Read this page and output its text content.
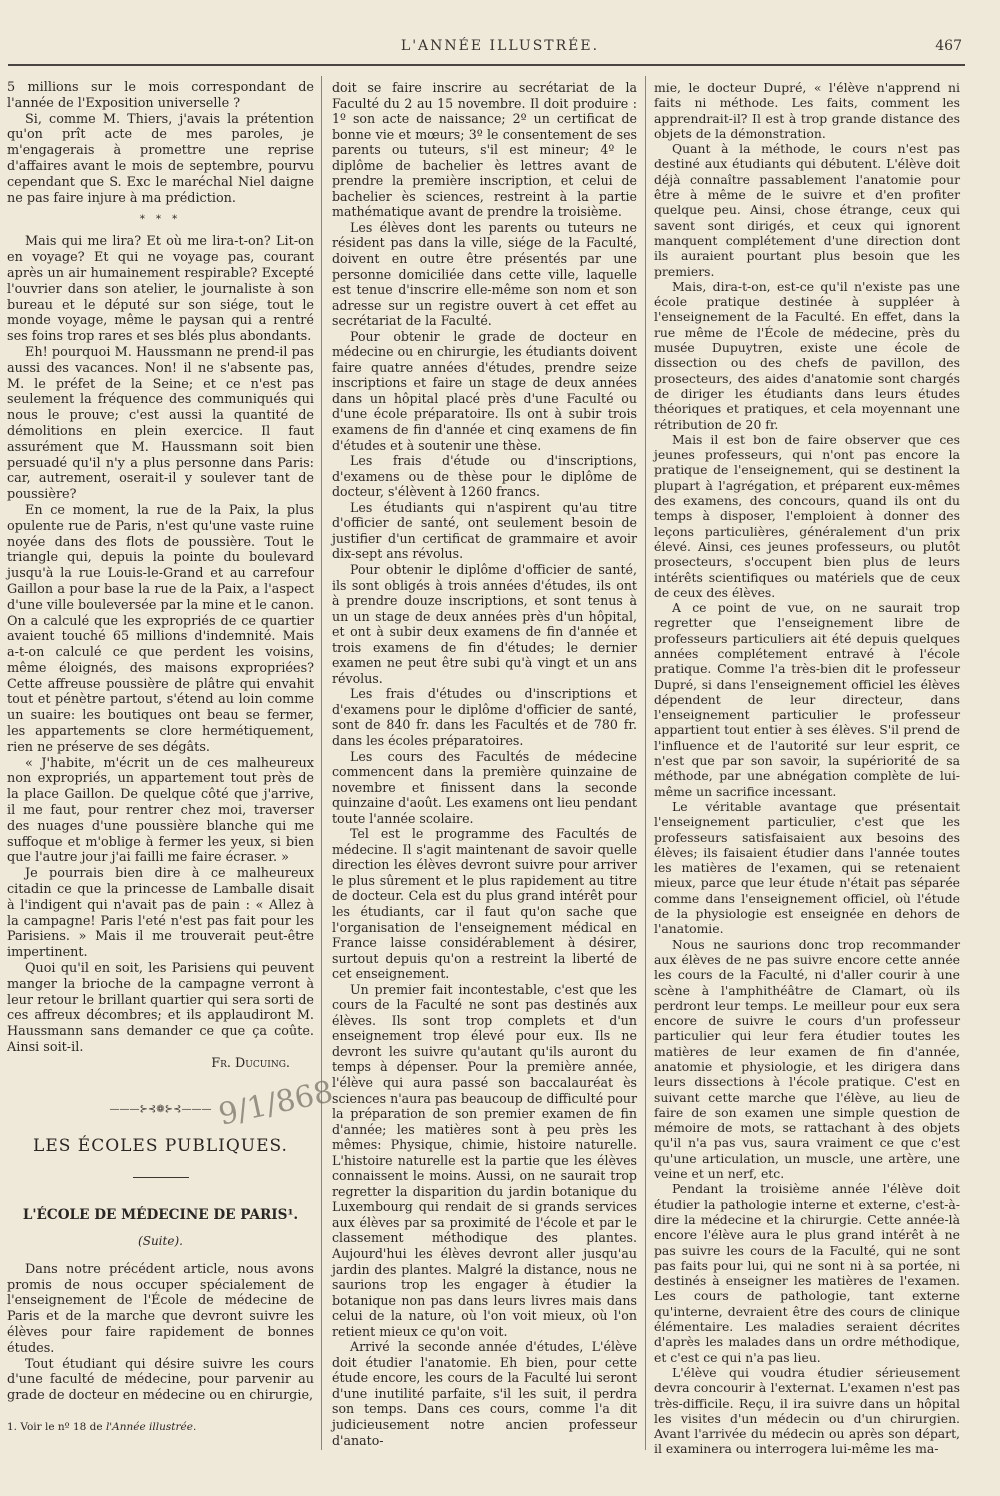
L'ANNÉE ILLUSTRÉE.	467

5 millions sur le mois correspondant de l'année de l'Exposition universelle ?

Si, comme M. Thiers, j'avais la prétention qu'on prît acte de mes paroles, je m'engagerais à promettre une reprise d'affaires avant le mois de septembre, pourvu cependant que S. Exc le maréchal Niel daigne ne pas faire injure à ma prédiction.

* * *

Mais qui me lira? Et où me lira-t-on? Lit-on en voyage? Et qui ne voyage pas, courant après un air humainement respirable? Excepté l'ouvrier dans son atelier, le journaliste à son bureau et le député sur son siége, tout le monde voyage, même le paysan qui a rentré ses foins trop rares et ses blés plus abondants.

Eh! pourquoi M. Haussmann ne prend-il pas aussi des vacances. Non! il ne s'absente pas, M. le préfet de la Seine; et ce n'est pas seulement la fréquence des communiqués qui nous le prouve; c'est aussi la quantité de démolitions en plein exercice. Il faut assurément que M. Haussmann soit bien persuadé qu'il n'y a plus personne dans Paris: car, autrement, oserait-il y soulever tant de poussière?

En ce moment, la rue de la Paix, la plus opulente rue de Paris, n'est qu'une vaste ruine noyée dans des flots de poussière. Tout le triangle qui, depuis la pointe du boulevard jusqu'à la rue Louis-le-Grand et au carrefour Gaillon a pour base la rue de la Paix, a l'aspect d'une ville bouleversée par la mine et le canon. On a calculé que les expropriés de ce quartier avaient touché 65 millions d'indemnité. Mais a-t-on calculé ce que perdent les voisins, même éloignés, des maisons expropriées? Cette affreuse poussière de plâtre qui envahit tout et pénètre partout, s'étend au loin comme un suaire: les boutiques ont beau se fermer, les appartements se clore hermétiquement, rien ne préserve de ses dégâts.

« J'habite, m'écrit un de ces malheureux non expropriés, un appartement tout près de la place Gaillon. De quelque côté que j'arrive, il me faut, pour rentrer chez moi, traverser des nuages d'une poussière blanche qui me suffoque et m'oblige à fermer les yeux, si bien que l'autre jour j'ai failli me faire écraser. »

Je pourrais bien dire à ce malheureux citadin ce que la princesse de Lamballe disait à l'indigent qui n'avait pas de pain : « Allez à la campagne! Paris l'eté n'est pas fait pour les Parisiens. » Mais il me trouverait peut-être impertinent.

Quoi qu'il en soit, les Parisiens qui peuvent manger la brioche de la campagne verront à leur retour le brillant quartier qui sera sorti de ces affreux décombres; et ils applaudiront M. Haussmann sans demander ce que ça coûte. Ainsi soit-il.

Fr. Ducuing.

———⊱⊰❁⊱⊰———
LES ÉCOLES PUBLIQUES.
L'ÉCOLE DE MÉDECINE DE PARIS¹.
(Suite).

Dans notre précédent article, nous avons promis de nous occuper spécialement de l'enseignement de l'École de médecine de Paris et de la marche que devront suivre les élèves pour faire rapidement de bonnes études.

Tout étudiant qui désire suivre les cours d'une faculté de médecine, pour parvenir au grade de docteur en médecine ou en chirurgie,

1. Voir le nº 18 de l'Année illustrée.

doit se faire inscrire au secrétariat de la Faculté du 2 au 15 novembre. Il doit produire : 1º son acte de naissance; 2º un certificat de bonne vie et mœurs; 3º le consentement de ses parents ou tuteurs, s'il est mineur; 4º le diplôme de bachelier ès lettres avant de prendre la première inscription, et celui de bachelier ès sciences, restreint à la partie mathématique avant de prendre la troisième.

Les élèves dont les parents ou tuteurs ne résident pas dans la ville, siége de la Faculté, doivent en outre être présentés par une personne domiciliée dans cette ville, laquelle est tenue d'inscrire elle-même son nom et son adresse sur un registre ouvert à cet effet au secrétariat de la Faculté.

Pour obtenir le grade de docteur en médecine ou en chirurgie, les étudiants doivent faire quatre années d'études, prendre seize inscriptions et faire un stage de deux années dans un hôpital placé près d'une Faculté ou d'une école préparatoire. Ils ont à subir trois examens de fin d'année et cinq examens de fin d'études et à soutenir une thèse.

Les frais d'étude ou d'inscriptions, d'examens ou de thèse pour le diplôme de docteur, s'élèvent à 1260 francs.

Les étudiants qui n'aspirent qu'au titre d'officier de santé, ont seulement besoin de justifier d'un certificat de grammaire et avoir dix-sept ans révolus.

Pour obtenir le diplôme d'officier de santé, ils sont obligés à trois années d'études, ils ont à prendre douze inscriptions, et sont tenus à un un stage de deux années près d'un hôpital, et ont à subir deux examens de fin d'année et trois examens de fin d'études; le dernier examen ne peut être subi qu'à vingt et un ans révolus.

Les frais d'études ou d'inscriptions et d'examens pour le diplôme d'officier de santé, sont de 840 fr. dans les Facultés et de 780 fr. dans les écoles préparatoires.

Les cours des Facultés de médecine commencent dans la première quinzaine de novembre et finissent dans la seconde quinzaine d'août. Les examens ont lieu pendant toute l'année scolaire.

Tel est le programme des Facultés de médecine. Il s'agit maintenant de savoir quelle direction les élèves devront suivre pour arriver le plus sûrement et le plus rapidement au titre de docteur. Cela est du plus grand intérêt pour les étudiants, car il faut qu'on sache que l'organisation de l'enseignement médical en France laisse considérablement à désirer, surtout depuis qu'on a restreint la liberté de cet enseignement.

Un premier fait incontestable, c'est que les cours de la Faculté ne sont pas destinés aux élèves. Ils sont trop complets et d'un enseignement trop élevé pour eux. Ils ne devront les suivre qu'autant qu'ils auront du temps à dépenser. Pour la première année, l'élève qui aura passé son baccalauréat ès sciences n'aura pas beaucoup de difficulté pour la préparation de son premier examen de fin d'année; les matières sont à peu près les mêmes: Physique, chimie, histoire naturelle. L'histoire naturelle est la partie que les élèves connaissent le moins. Aussi, on ne saurait trop regretter la disparition du jardin botanique du Luxembourg qui rendait de si grands services aux élèves par sa proximité de l'école et par le classement méthodique des plantes. Aujourd'hui les élèves devront aller jusqu'au jardin des plantes. Malgré la distance, nous ne saurions trop les engager à étudier la botanique non pas dans leurs livres mais dans celui de la nature, où l'on voit mieux, où l'on retient mieux ce qu'on voit.

Arrivé la seconde année d'études, L'élève doit étudier l'anatomie. Eh bien, pour cette étude encore, les cours de la Faculté lui seront d'une inutilité parfaite, s'il les suit, il perdra son temps. Dans ces cours, comme l'a dit judicieusement notre ancien professeur d'anato-

mie, le docteur Dupré, « l'élève n'apprend ni faits ni méthode. Les faits, comment les apprendrait-il? Il est à trop grande distance des objets de la démonstration.

Quant à la méthode, le cours n'est pas destiné aux étudiants qui débutent. L'élève doit déjà connaître passablement l'anatomie pour être à même de le suivre et d'en profiter quelque peu. Ainsi, chose étrange, ceux qui savent sont dirigés, et ceux qui ignorent manquent complétement d'une direction dont ils auraient pourtant plus besoin que les premiers.

Mais, dira-t-on, est-ce qu'il n'existe pas une école pratique destinée à suppléer à l'enseignement de la Faculté. En effet, dans la rue même de l'École de médecine, près du musée Dupuytren, existe une école de dissection ou des chefs de pavillon, des prosecteurs, des aides d'anatomie sont chargés de diriger les étudiants dans leurs études théoriques et pratiques, et cela moyennant une rétribution de 20 fr.

Mais il est bon de faire observer que ces jeunes professeurs, qui n'ont pas encore la pratique de l'enseignement, qui se destinent la plupart à l'agrégation, et préparent eux-mêmes des examens, des concours, quand ils ont du temps à disposer, l'emploient à donner des leçons particulières, généralement d'un prix élevé. Ainsi, ces jeunes professeurs, ou plutôt prosecteurs, s'occupent bien plus de leurs intérêts scientifiques ou matériels que de ceux de ceux des élèves.

A ce point de vue, on ne saurait trop regretter que l'enseignement libre de professeurs particuliers ait été depuis quelques années complétement entravé à l'école pratique. Comme l'a très-bien dit le professeur Dupré, si dans l'enseignement officiel les élèves dépendent de leur directeur, dans l'enseignement particulier le professeur appartient tout entier à ses élèves. S'il prend de l'influence et de l'autorité sur leur esprit, ce n'est que par son savoir, la supériorité de sa méthode, par une abnégation complète de lui-même un sacrifice incessant.

Le véritable avantage que présentait l'enseignement particulier, c'est que les professeurs satisfaisaient aux besoins des élèves; ils faisaient étudier dans l'année toutes les matières de l'examen, qui se retenaient mieux, parce que leur étude n'était pas séparée comme dans l'enseignement officiel, où l'étude de la physiologie est enseignée en dehors de l'anatomie.

Nous ne saurions donc trop recommander aux élèves de ne pas suivre encore cette année les cours de la Faculté, ni d'aller courir à une scène à l'amphithéâtre de Clamart, où ils perdront leur temps. Le meilleur pour eux sera encore de suivre le cours d'un professeur particulier qui leur fera étudier toutes les matières de leur examen de fin d'année, anatomie et physiologie, et les dirigera dans leurs dissections à l'école pratique. C'est en suivant cette marche que l'élève, au lieu de faire de son examen une simple question de mémoire de mots, se rattachant à des objets qu'il n'a pas vus, saura vraiment ce que c'est qu'une articulation, un muscle, une artère, une veine et un nerf, etc.

Pendant la troisième année l'élève doit étudier la pathologie interne et externe, c'est-à-dire la médecine et la chirurgie. Cette année-là encore l'élève aura le plus grand intérêt à ne pas suivre les cours de la Faculté, qui ne sont pas faits pour lui, qui ne sont ni à sa portée, ni destinés à enseigner les matières de l'examen. Les cours de pathologie, tant externe qu'interne, devraient être des cours de clinique élémentaire. Les maladies seraient décrites d'après les malades dans un ordre méthodique, et c'est ce qui n'a pas lieu.

L'élève qui voudra étudier sérieusement devra concourir à l'externat. L'examen n'est pas très-difficile. Reçu, il ira suivre dans un hôpital les visites d'un médecin ou d'un chirurgien. Avant l'arrivée du médecin ou après son départ, il examinera ou interrogera lui-même les ma-

9/1/868
